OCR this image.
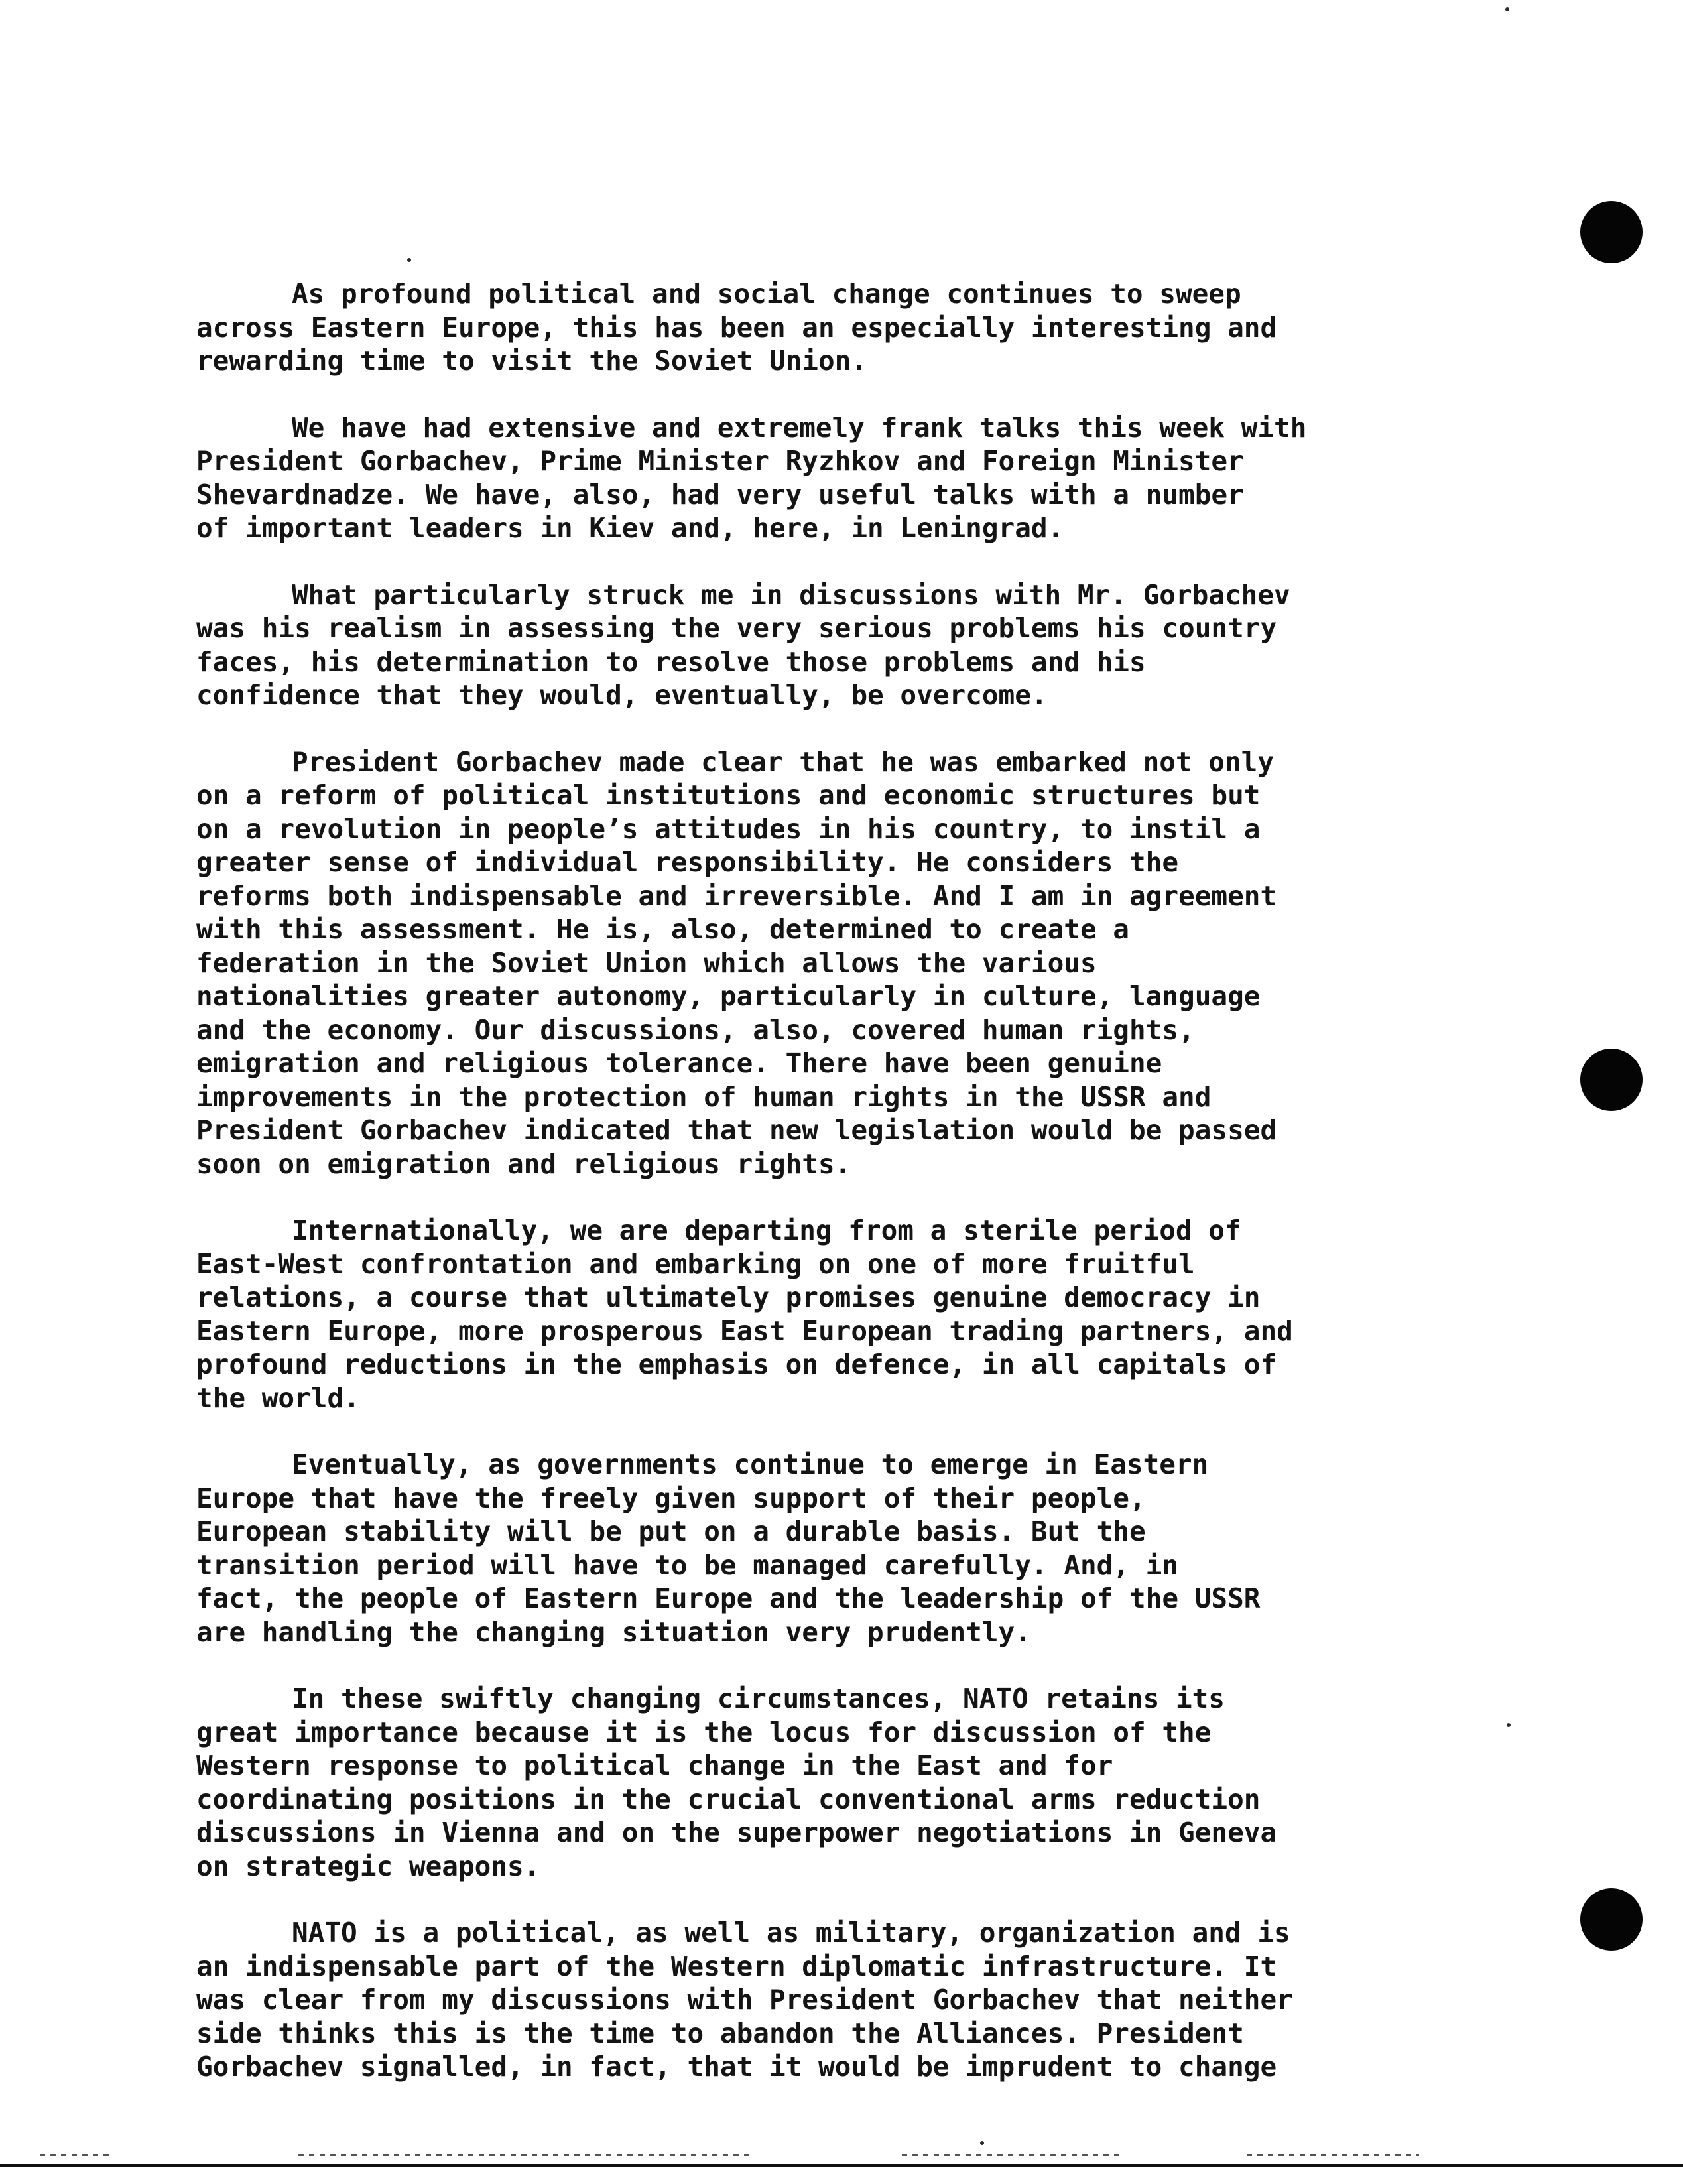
As profound political and social change continues to sweep
across Eastern Europe, this has been an especially interesting and
rewarding time to visit the Soviet Union.

We have had extensive and extremely frank talks this week with
President Gorbachev, Prime Minister Ryzhkov and Foreign Minister
Shevardnadze. We have, also, had very useful talks with a number
of important leaders in Kiev and, here, in Leningrad.

What particularly struck me in discussions with Mr. Gorbachev
was his realism in assessing the very serious problems his country
faces, his determination to resolve those problems and his
confidence that they would, eventually, be overcome.

President Gorbachev made clear that he was embarked not only
on a reform of political institutions and economic structures but
on a revolution in people’s attitudes in his country, to instil a
greater sense of individual responsibility. He considers the
reforms both indispensable and irreversible. And I am in agreement
with this assessment. He is, also, determined to create a
federation in the Soviet Union which allows the various
nationalities greater autonomy, particularly in culture, language
and the economy. Our discussions, also, covered human rights,
emigration and religious tolerance. There have been genuine
improvements in the protection of human rights in the USSR and
President Gorbachev indicated that new legislation would be passed
soon on emigration and religious rights.

Internationally, we are departing from a sterile period of
East-West confrontation and embarking on one of more fruitful
relations, a course that ultimately promises genuine democracy in
Eastern Europe, more prosperous East European trading partners, and
profound reductions in the emphasis on defence, in all capitals of
the world.

Eventually, as governments continue to emerge in Eastern
Europe that have the freely given support of their people,
European stability will be put on a durable basis. But the
transition period will have to be managed carefully. And, in
fact, the people of Eastern Europe and the leadership of the USSR
are handling the changing situation very prudently.

In these swiftly changing circumstances, NATO retains its
great importance because it is the locus for discussion of the
Western response to political change in the East and for
coordinating positions in the crucial conventional arms reduction
discussions in Vienna and on the superpower negotiations in Geneva
on strategic weapons.

NATO is a political, as well as military, organization and is
an indispensable part of the Western diplomatic infrastructure. It
was clear from my discussions with President Gorbachev that neither
side thinks this is the time to abandon the Alliances. President
Gorbachev signalled, in fact, that it would be imprudent to change
